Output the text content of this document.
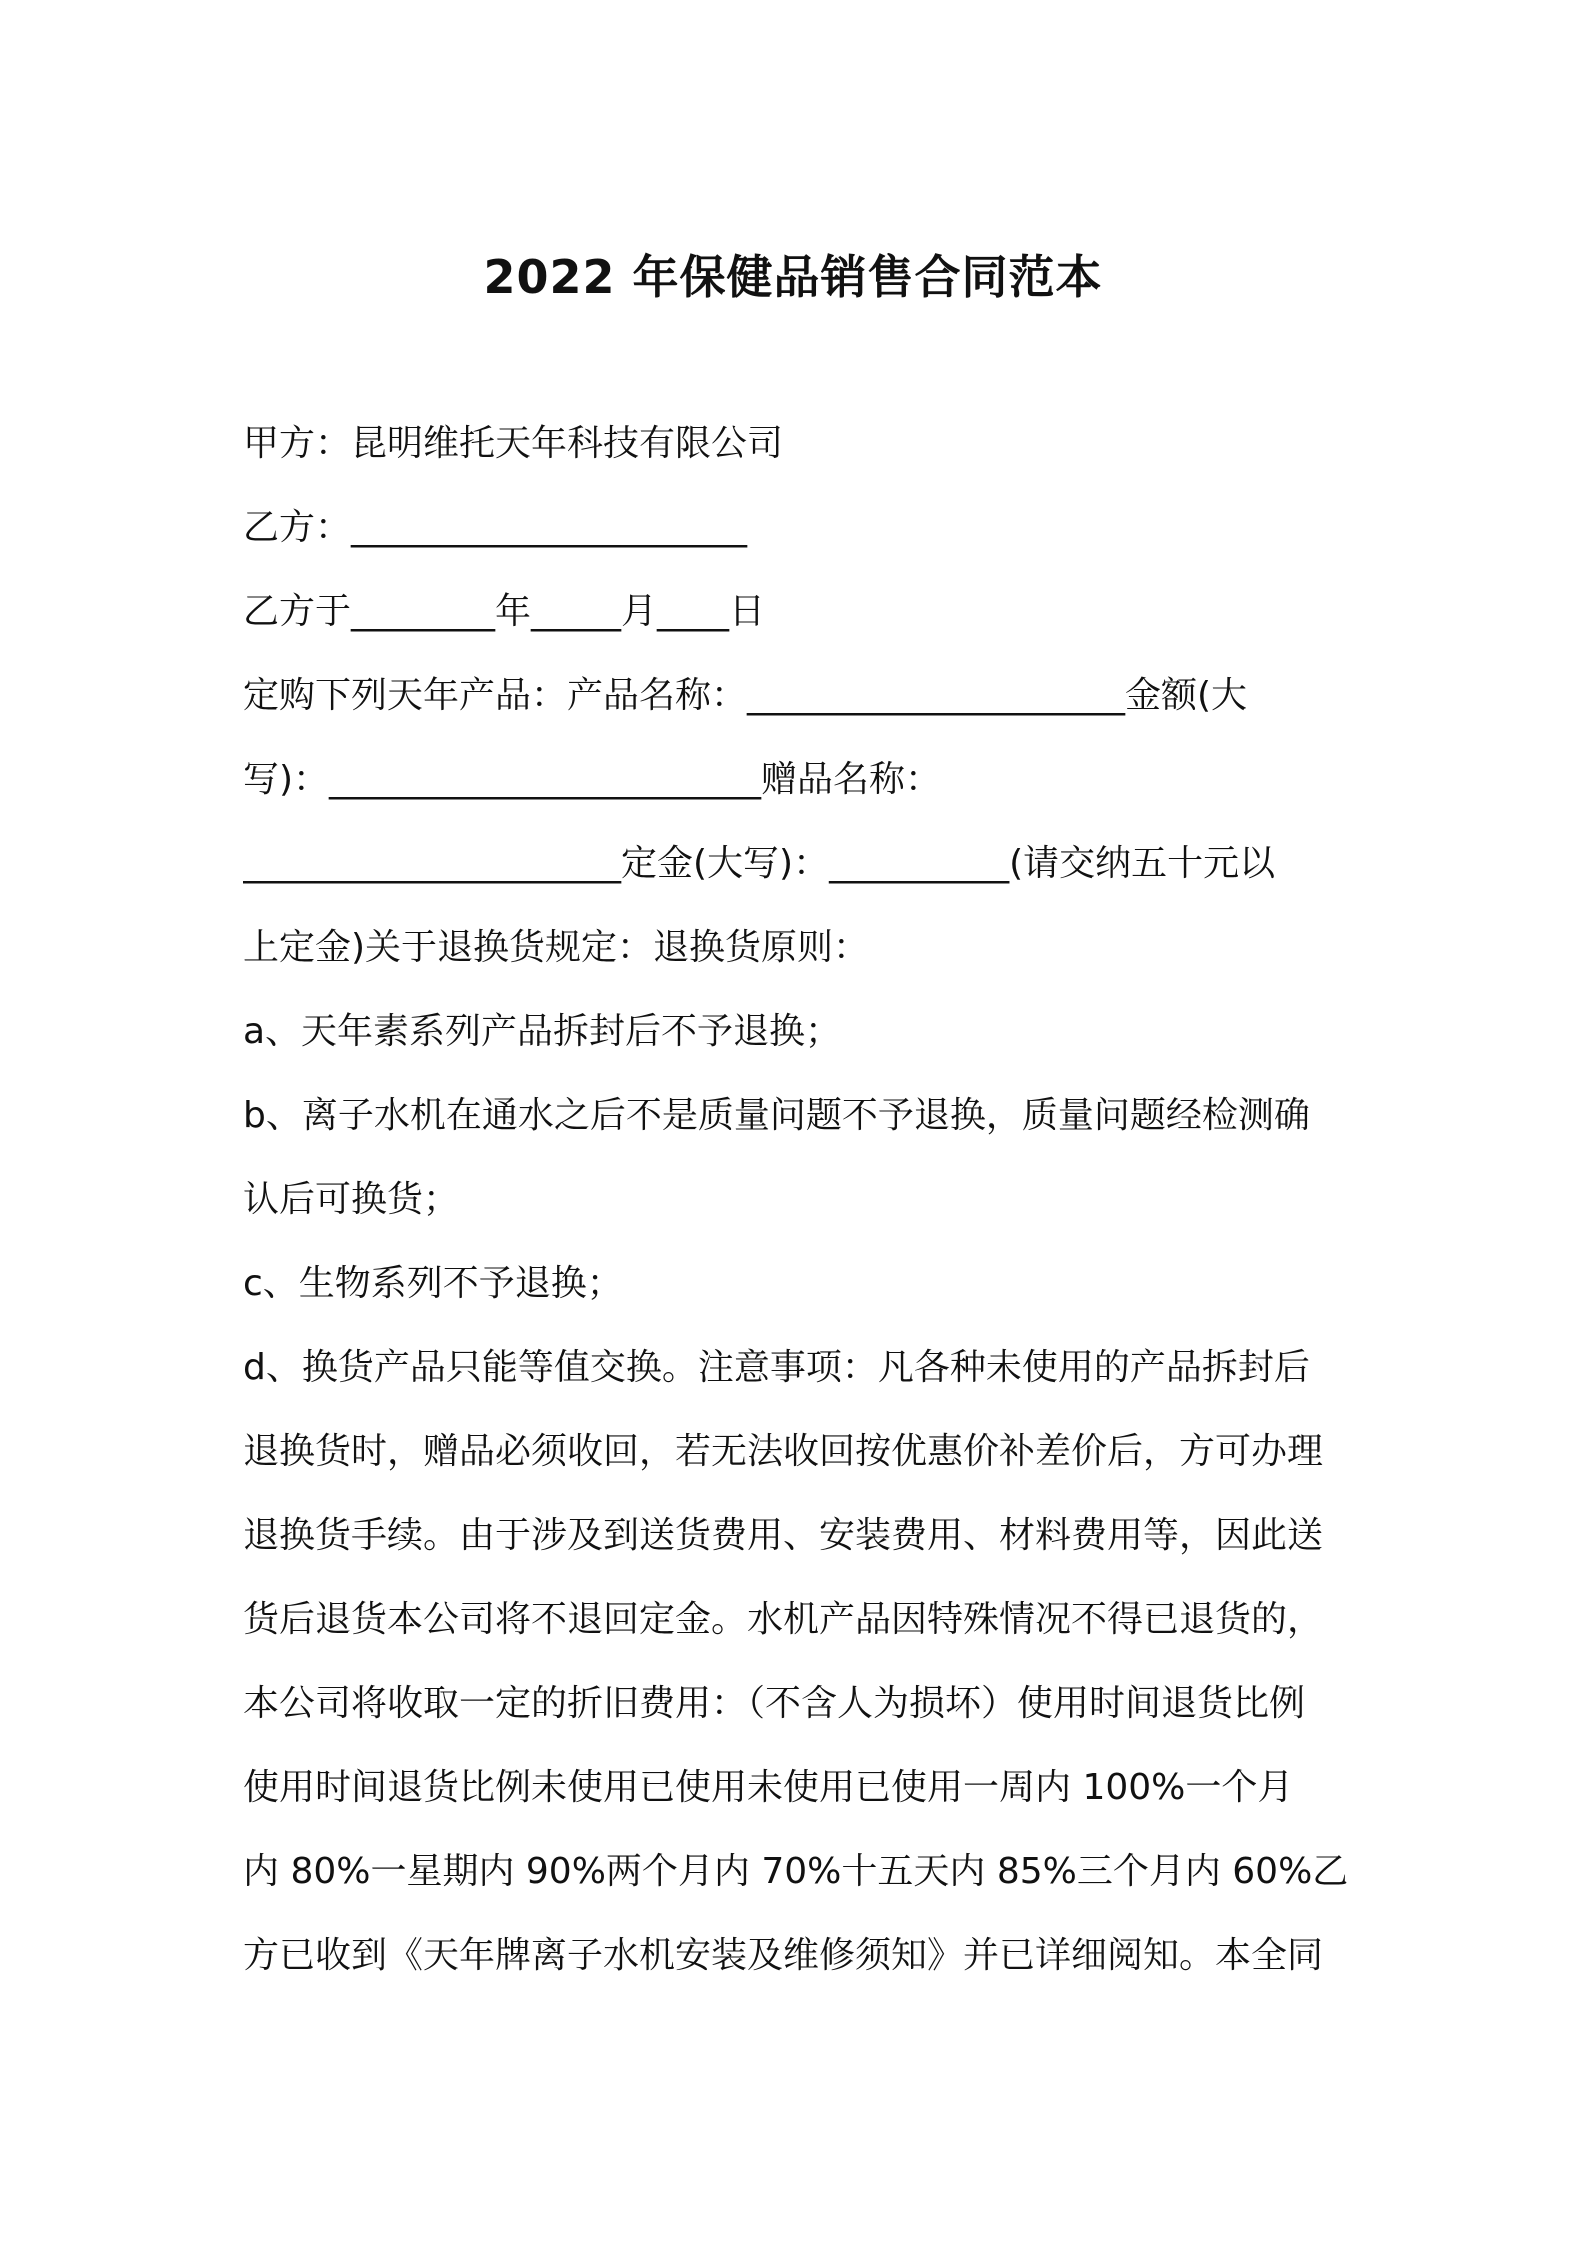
2022 年保健品销售合同范本
甲方：昆明维托天年科技有限公司
乙方：______________________
乙方于________年_____月____日
定购下列天年产品：产品名称：_____________________金额(大
写)：________________________赠品名称：
_____________________定金(大写)：__________(请交纳五十元以
上定金)关于退换货规定：退换货原则：
a、天年素系列产品拆封后不予退换；
b、离子水机在通水之后不是质量问题不予退换，质量问题经检测确
认后可换货；
c、生物系列不予退换；
d、换货产品只能等值交换。注意事项：凡各种未使用的产品拆封后
退换货时，赠品必须收回，若无法收回按优惠价补差价后，方可办理
退换货手续。由于涉及到送货费用、安装费用、材料费用等，因此送
货后退货本公司将不退回定金。水机产品因特殊情况不得已退货的，
本公司将收取一定的折旧费用：（不含人为损坏）使用时间退货比例
使用时间退货比例未使用已使用未使用已使用一周内 100%一个月
内 80%一星期内 90%两个月内 70%十五天内 85%三个月内 60%乙
方已收到《天年牌离子水机安装及维修须知》并已详细阅知。本全同
